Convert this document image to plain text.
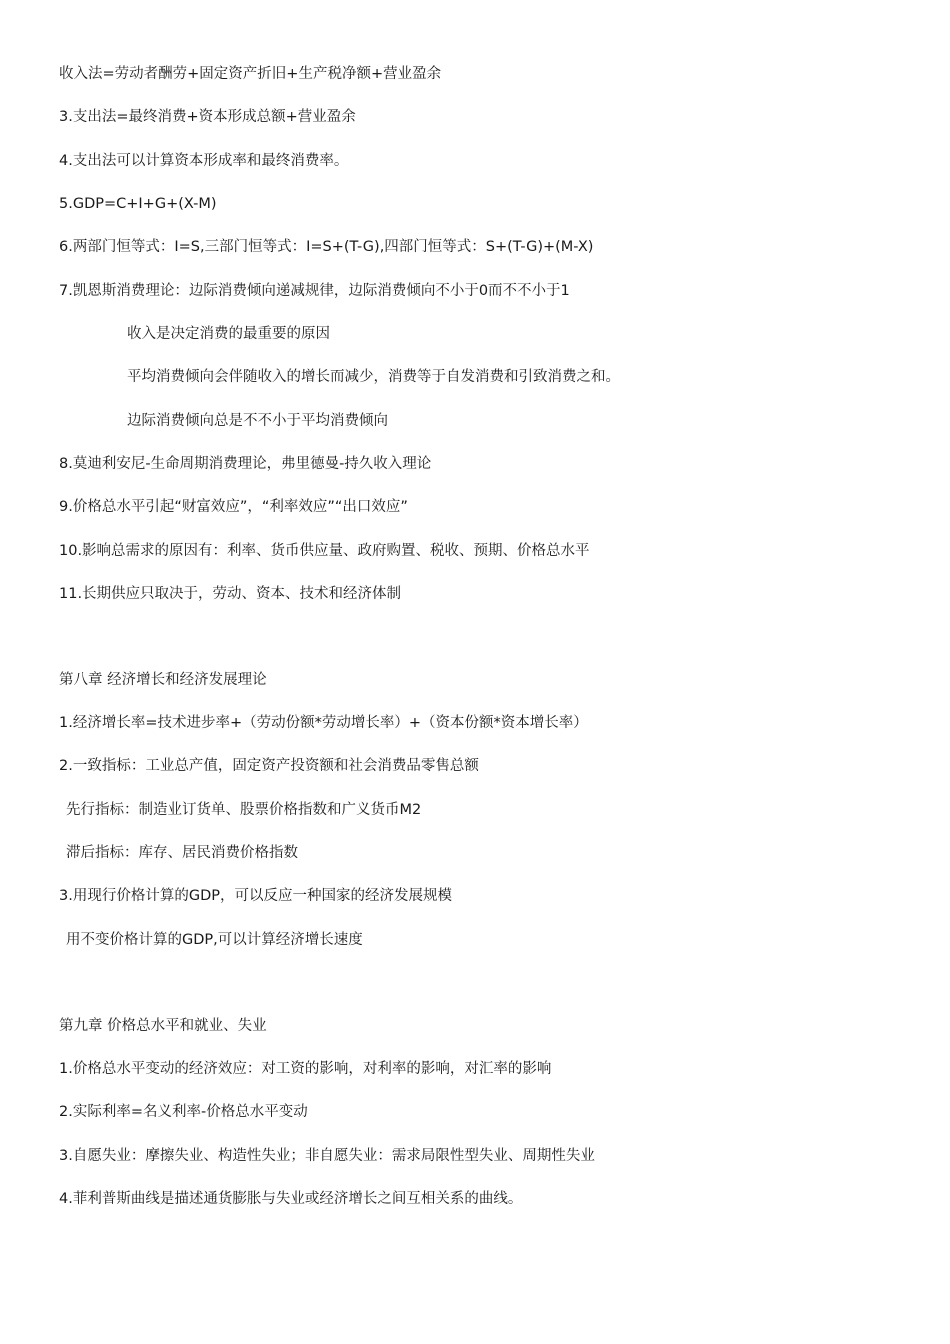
收入法=劳动者酬劳+固定资产折旧+生产税净额+营业盈余
3.支出法=最终消费+资本形成总额+营业盈余
4.支出法可以计算资本形成率和最终消费率。
5.GDP=C+I+G+(X-M)
6.两部门恒等式：I=S,三部门恒等式：I=S+(T-G),四部门恒等式：S+(T-G)+(M-X)
7.凯恩斯消费理论：边际消费倾向递减规律，边际消费倾向不小于0而不不小于1
收入是决定消费的最重要的原因
平均消费倾向会伴随收入的增长而减少，消费等于自发消费和引致消费之和。
边际消费倾向总是不不小于平均消费倾向
8.莫迪利安尼-生命周期消费理论，弗里德曼-持久收入理论
9.价格总水平引起“财富效应”，“利率效应”“出口效应”
10.影响总需求的原因有：利率、货币供应量、政府购置、税收、预期、价格总水平
11.长期供应只取决于，劳动、资本、技术和经济体制
第八章 经济增长和经济发展理论
1.经济增长率=技术进步率+（劳动份额*劳动增长率）+（资本份额*资本增长率）
2.一致指标：工业总产值，固定资产投资额和社会消费品零售总额
先行指标：制造业订货单、股票价格指数和广义货币M2
滞后指标：库存、居民消费价格指数
3.用现行价格计算的GDP，可以反应一种国家的经济发展规模
用不变价格计算的GDP,可以计算经济增长速度
第九章 价格总水平和就业、失业
1.价格总水平变动的经济效应：对工资的影响，对利率的影响，对汇率的影响
2.实际利率=名义利率-价格总水平变动
3.自愿失业：摩擦失业、构造性失业；非自愿失业：需求局限性型失业、周期性失业
4.菲利普斯曲线是描述通货膨胀与失业或经济增长之间互相关系的曲线。
